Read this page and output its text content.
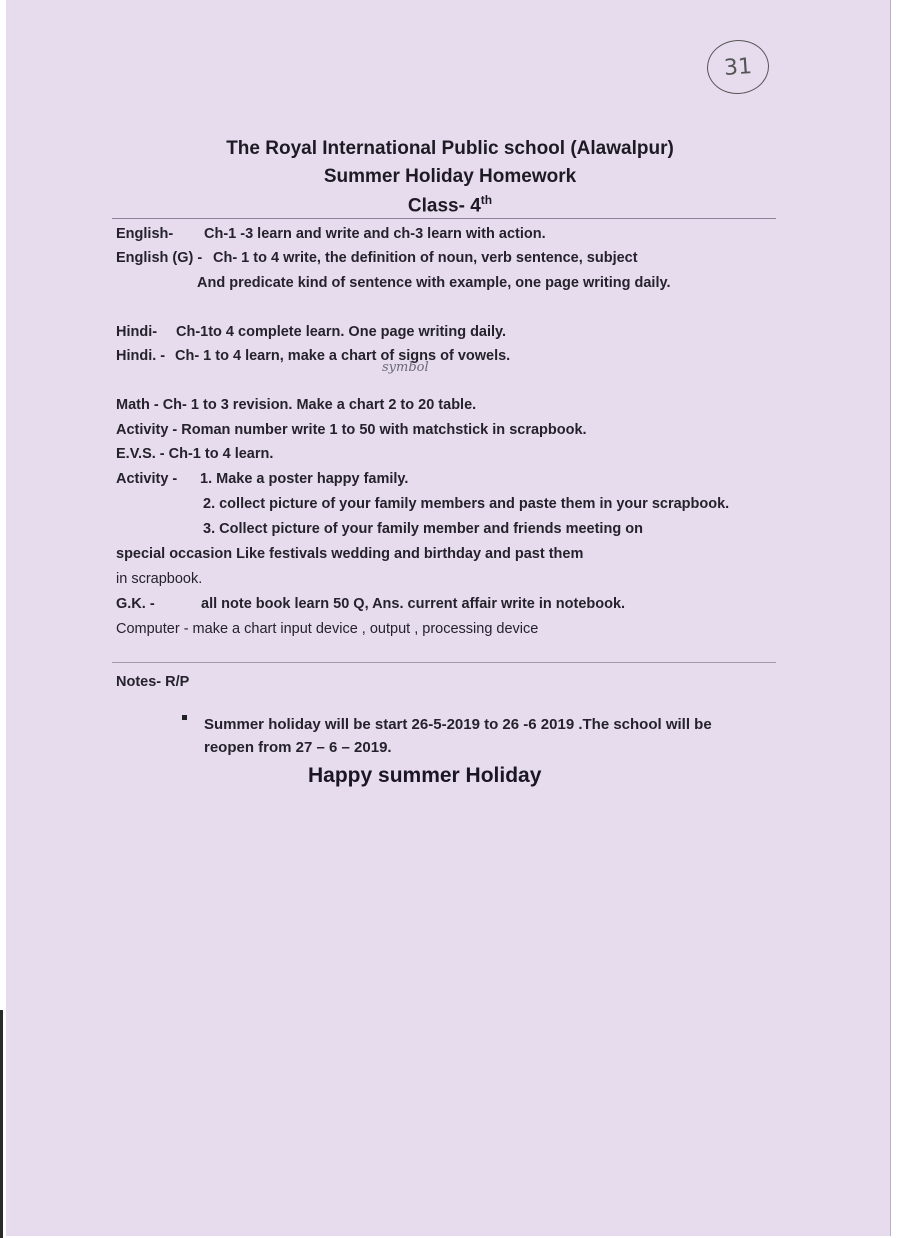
31
The Royal International Public school (Alawalpur)
Summer Holiday Homework
Class- 4th
English- Ch-1 -3 learn and write and ch-3 learn with action.
English (G) - Ch- 1 to 4 write, the definition of noun, verb sentence, subject
And predicate kind of sentence with example, one page writing daily.
Hindi- Ch-1to 4 complete learn. One page writing daily.
Hindi. - Ch- 1 to 4 learn, make a chart of signs of vowels.
symbol
Math - Ch- 1 to 3 revision. Make a chart 2 to 20 table.
Activity - Roman number write 1 to 50 with matchstick in scrapbook.
E.V.S. - Ch-1 to 4 learn.
Activity - 1. Make a poster happy family.
2. collect picture of your family members and paste them in your scrapbook.
3. Collect picture of your family member and friends meeting on
special occasion Like festivals wedding and birthday and past them
in scrapbook.
G.K. -	all note book learn 50 Q, Ans. current affair write in notebook.
Computer - make a chart input device , output , processing device
Notes- R/P
Summer holiday will be start 26-5-2019 to 26 -6 2019 .The school will be
reopen from 27 – 6 – 2019.
Happy summer Holiday
